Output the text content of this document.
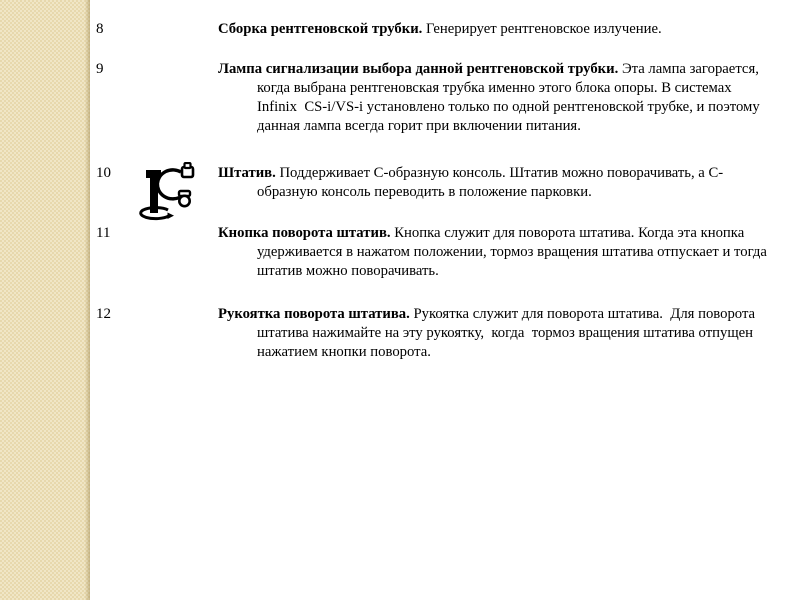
8	Сборка рентгеновской трубки. Генерирует рентгеновское излучение.
9	Лампа сигнализации выбора данной рентгеновской трубки. Эта лампа загорается, когда выбрана рентгеновская трубка именно этого блока опоры. В системах Infinix  CS-i/VS-i установлено только по одной рентгеновской трубке, и поэтому данная лампа всегда горит при включении питания.
10	Штатив. Поддерживает C-образную консоль. Штатив можно поворачивать, а C-образную консоль переводить в положение парковки.
11	Кнопка поворота штатив. Кнопка служит для поворота штатива. Когда эта кнопка удерживается в нажатом положении, тормоз вращения штатива отпускает и тогда штатив можно поворачивать.
12	Рукоятка поворота штатива. Рукоятка служит для поворота штатива.  Для поворота штатива нажимайте на эту рукоятку,  когда  тормоз вращения штатива отпущен нажатием кнопки поворота.
